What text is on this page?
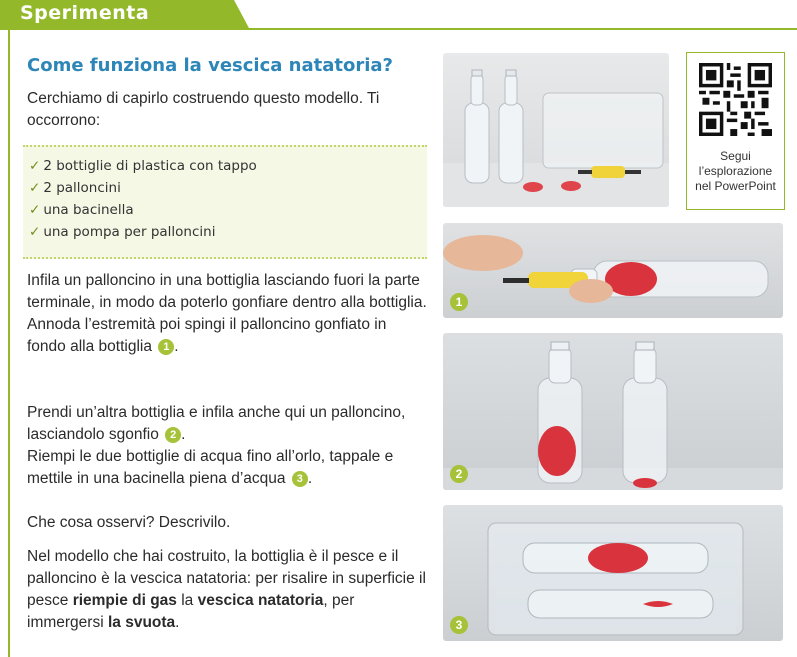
Sperimenta
Come funziona la vescica natatoria?

Cerchiamo di capirlo costruendo questo modello. Ti occorrono:

✓ 2 bottiglie di plastica con tappo
✓ 2 palloncini
✓ una bacinella
✓ una pompa per palloncini

Infila un palloncino in una bottiglia lasciando fuori la parte terminale, in modo da poterlo gonfiare dentro alla bottiglia.
Annoda l’estremità poi spingi il palloncino gonfiato in fondo alla bottiglia 1 .

Prendi un’altra bottiglia e infila anche qui un palloncino, lasciandolo sgonfio 2 .
Riempi le due bottiglie di acqua fino all’orlo, tappale e mettile in una bacinella piena d’acqua 3 .

Che cosa osservi? Descrivilo.

Nel modello che hai costruito, la bottiglia è il pesce e il palloncino è la vescica natatoria: per risalire in superficie il pesce riempie di gas la vescica natatoria, per immergersi la svuota.

Segui
l’esplorazione
nel PowerPoint
1
2
3
